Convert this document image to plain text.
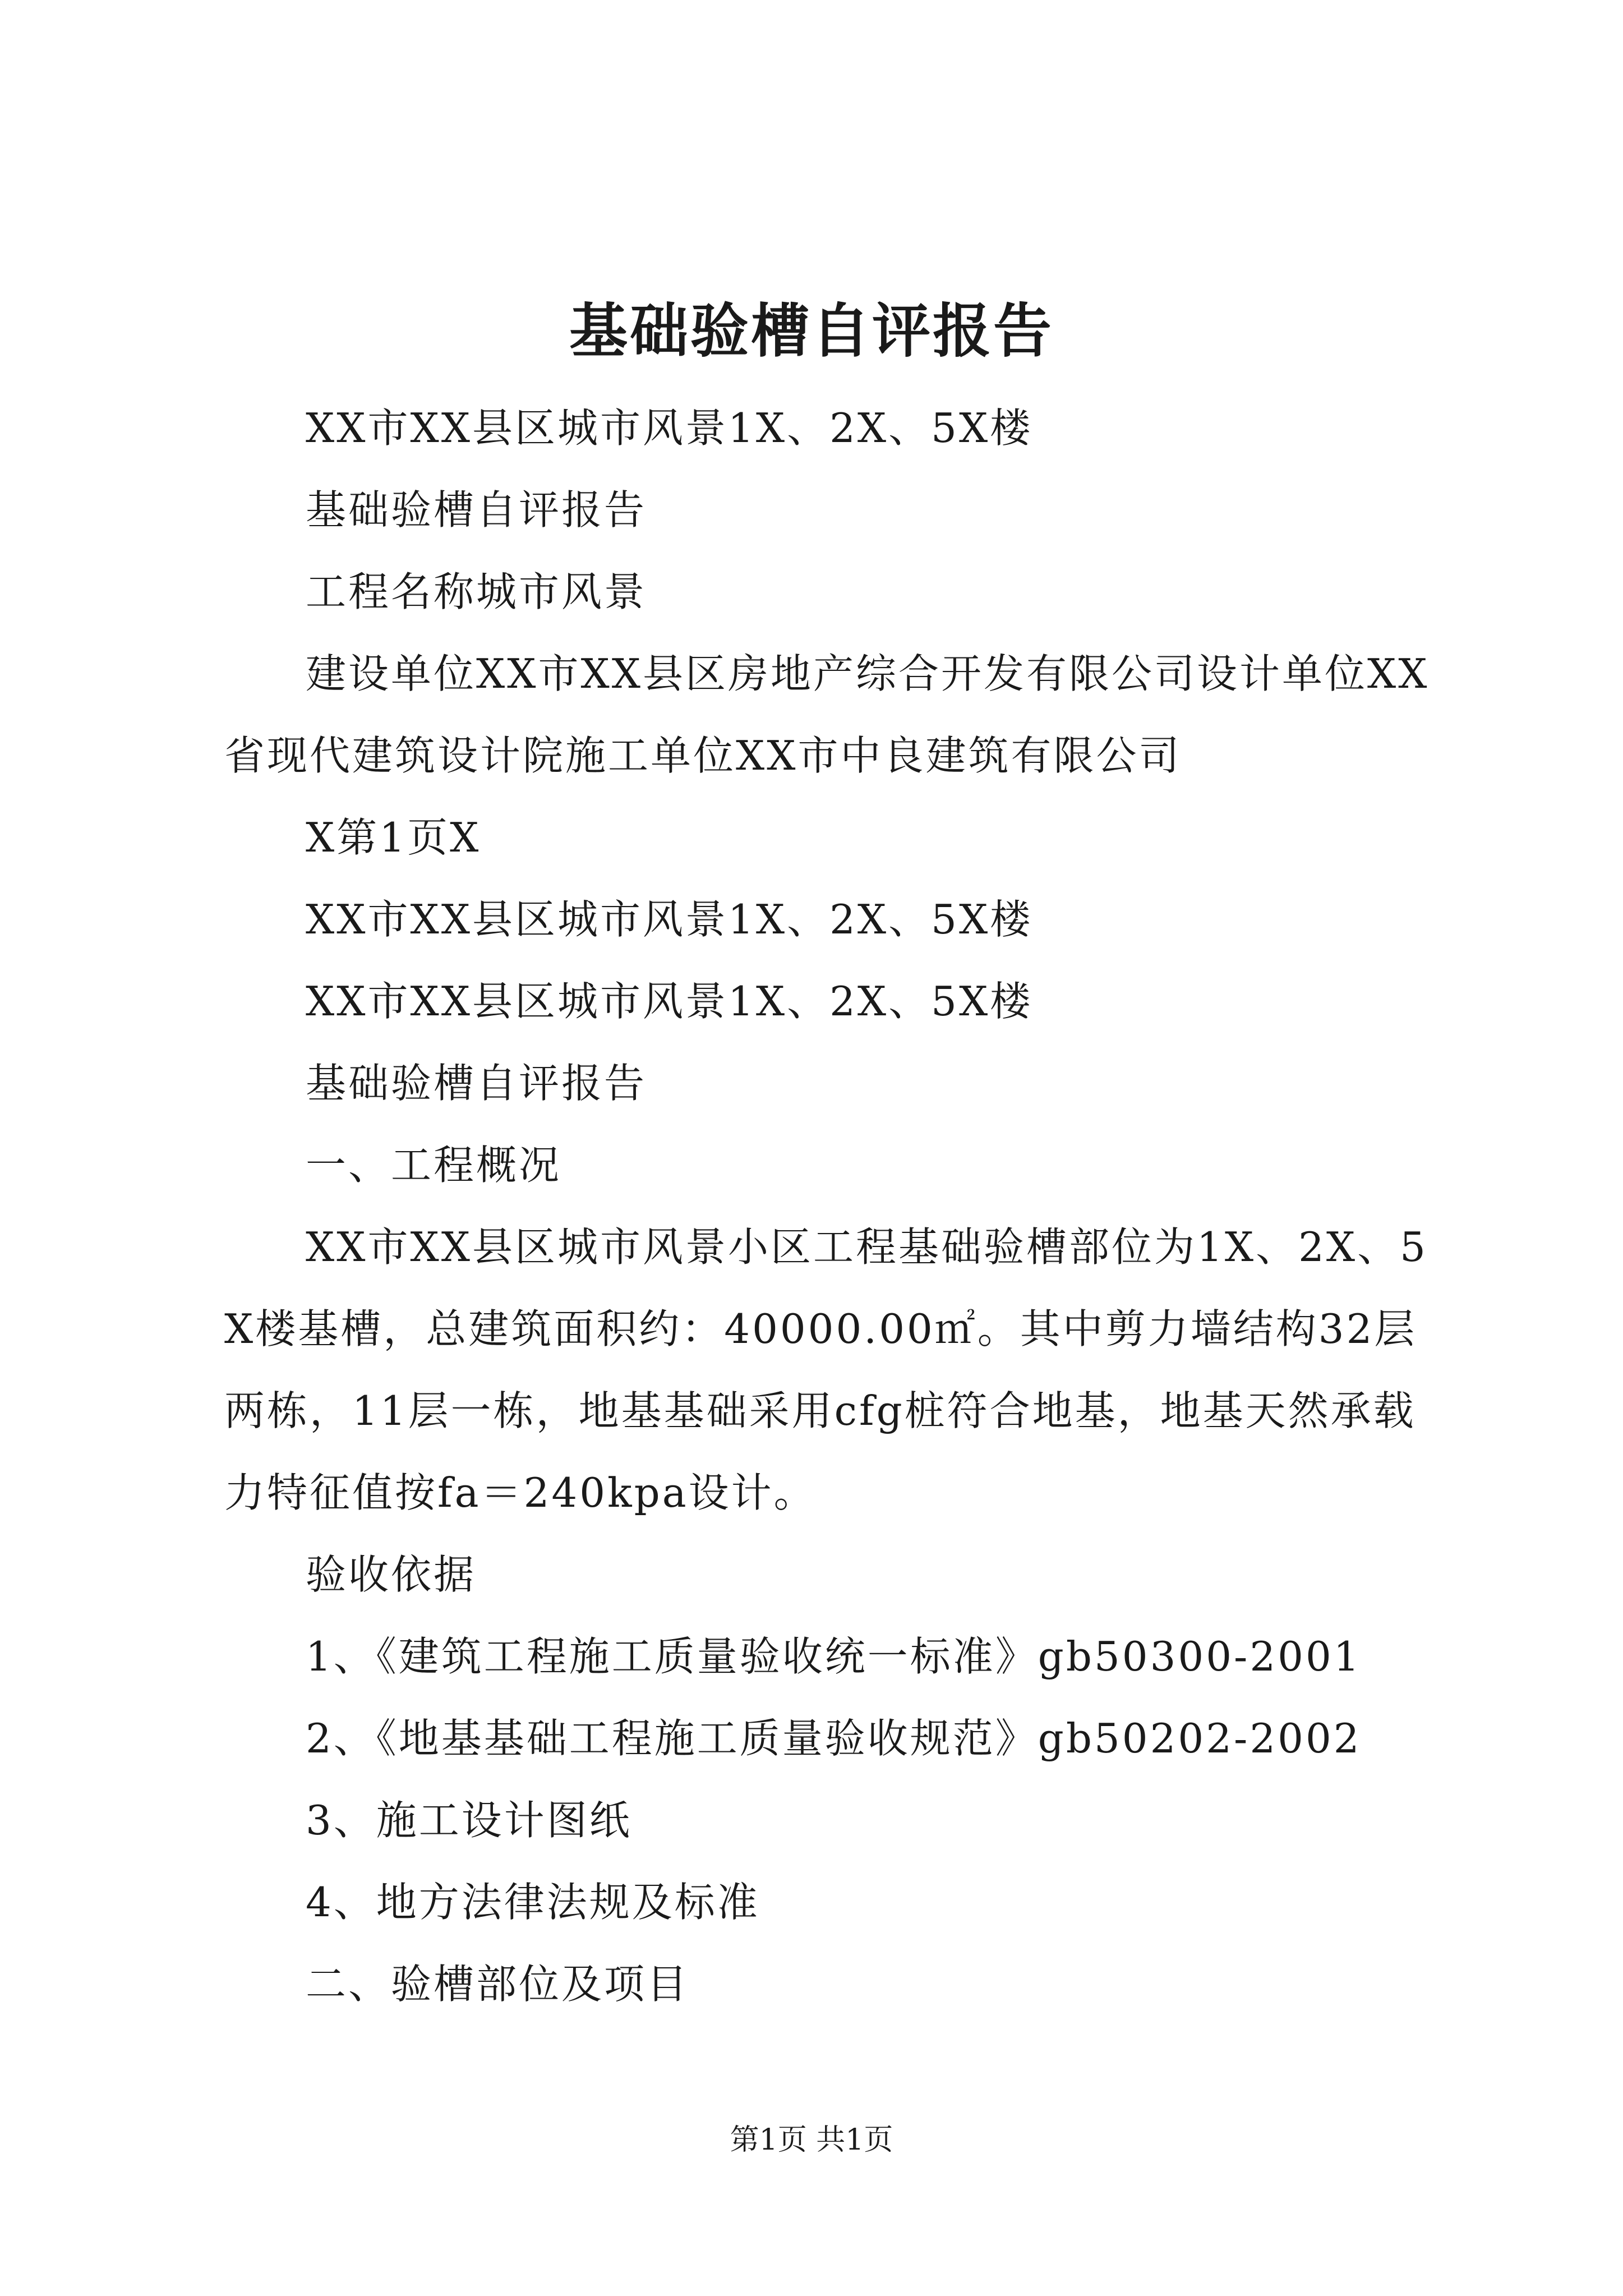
基础验槽自评报告

XX市XX县区城市风景1X、2X、5X楼

基础验槽自评报告

工程名称城市风景

建设单位XX市XX县区房地产综合开发有限公司设计单位XX省现代建筑设计院施工单位XX市中良建筑有限公司

X第1页X

XX市XX县区城市风景1X、2X、5X楼

XX市XX县区城市风景1X、2X、5X楼

基础验槽自评报告

一、工程概况

XX市XX县区城市风景小区工程基础验槽部位为1X、2X、5X楼基槽，总建筑面积约：40000.00㎡。其中剪力墙结构32层两栋，11层一栋，地基基础采用cfg桩符合地基，地基天然承载力特征值按fa＝240kpa设计。

验收依据

1、《建筑工程施工质量验收统一标准》gb50300-2001

2、《地基基础工程施工质量验收规范》gb50202-2002

3、施工设计图纸

4、地方法律法规及标准

二、验槽部位及项目

第1页 共1页
